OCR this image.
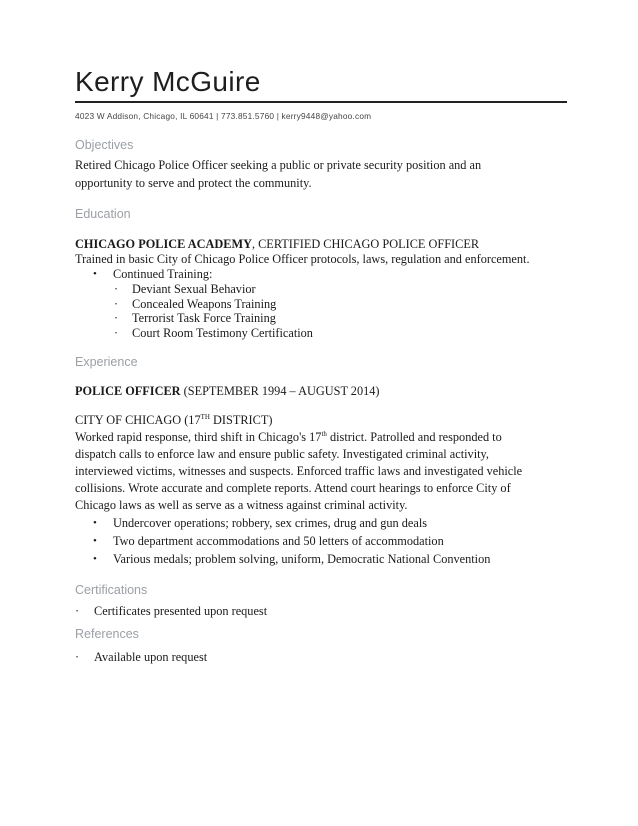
Kerry McGuire
4023 W Addison, Chicago, IL 60641 | 773.851.5760 | kerry9448@yahoo.com
Objectives
Retired Chicago Police Officer seeking a public or private security position and an
opportunity to serve and protect the community.
Education
CHICAGO POLICE ACADEMY, CERTIFIED CHICAGO POLICE OFFICER
Trained in basic City of Chicago Police Officer protocols, laws, regulation and enforcement.
• Continued Training:
· Deviant Sexual Behavior
· Concealed Weapons Training
· Terrorist Task Force Training
· Court Room Testimony Certification
Experience
POLICE OFFICER (SEPTEMBER 1994 – AUGUST 2014)
CITY OF CHICAGO (17TH DISTRICT)
Worked rapid response, third shift in Chicago's 17th district. Patrolled and responded to
dispatch calls to enforce law and ensure public safety. Investigated criminal activity,
interviewed victims, witnesses and suspects. Enforced traffic laws and investigated vehicle
collisions. Wrote accurate and complete reports. Attend court hearings to enforce City of
Chicago laws as well as serve as a witness against criminal activity.
• Undercover operations; robbery, sex crimes, drug and gun deals
• Two department accommodations and 50 letters of accommodation
• Various medals; problem solving, uniform, Democratic National Convention
Certifications
· Certificates presented upon request
References
· Available upon request
